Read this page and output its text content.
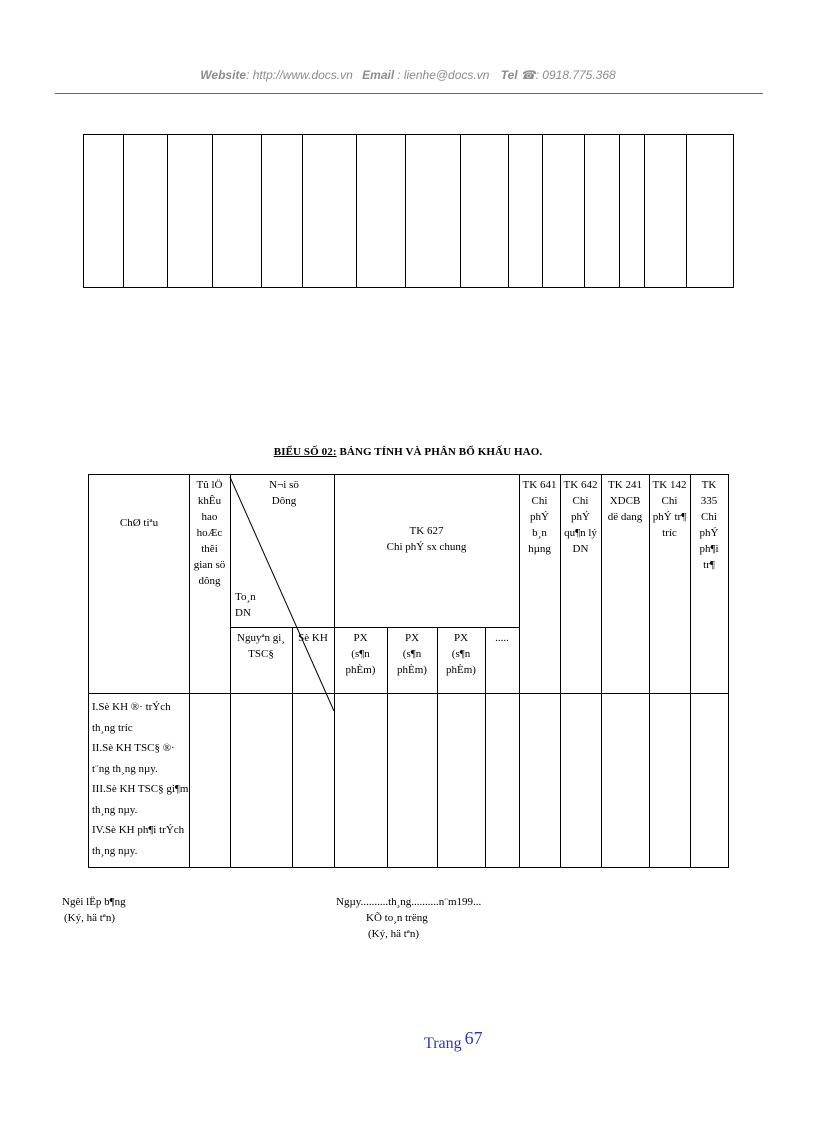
Website: http://www.docs.vn Email : lienhe@docs.vn Tel ☎: 0918.775.368
BIỂU SỐ 02: BẢNG TÍNH VÀ PHÂN BỔ KHẤU HAO.
ChØ tiªu
Tû lÖ
khÊu
hao
hoÆc
thêi
gian sö
dông
N¬i sö
Dông
To¸n
DN
Nguyªn gi¸
TSC§
Sè KH
TK 627
Chi phÝ sx chung
PX
(s¶n
phÈm)
PX
(s¶n
phÈm)
PX
(s¶n
phÈm)
.....
TK 641
Chi
phÝ
b¸n
hµng
TK 642
Chi
phÝ
qu¶n lý
DN
TK 241
XDCB
dë dang
TK 142
Chi
phÝ tr¶
tríc
TK
335
Chi
phÝ
ph¶i
tr¶
I.Sè KH ®· trÝch
th¸ng tríc
II.Sè KH TSC§ ®·
t¨ng th¸ng nµy.
III.Sè KH TSC§ gi¶m
th¸ng nµy.
IV.Sè KH ph¶i trÝch
th¸ng nµy.
Ngêi lËp b¶ng
(Ký, hä tªn)
Ngµy..........th¸ng..........n¨m199...
KÕ to¸n trëng
(Ký, hä tªn)
Trang 67
